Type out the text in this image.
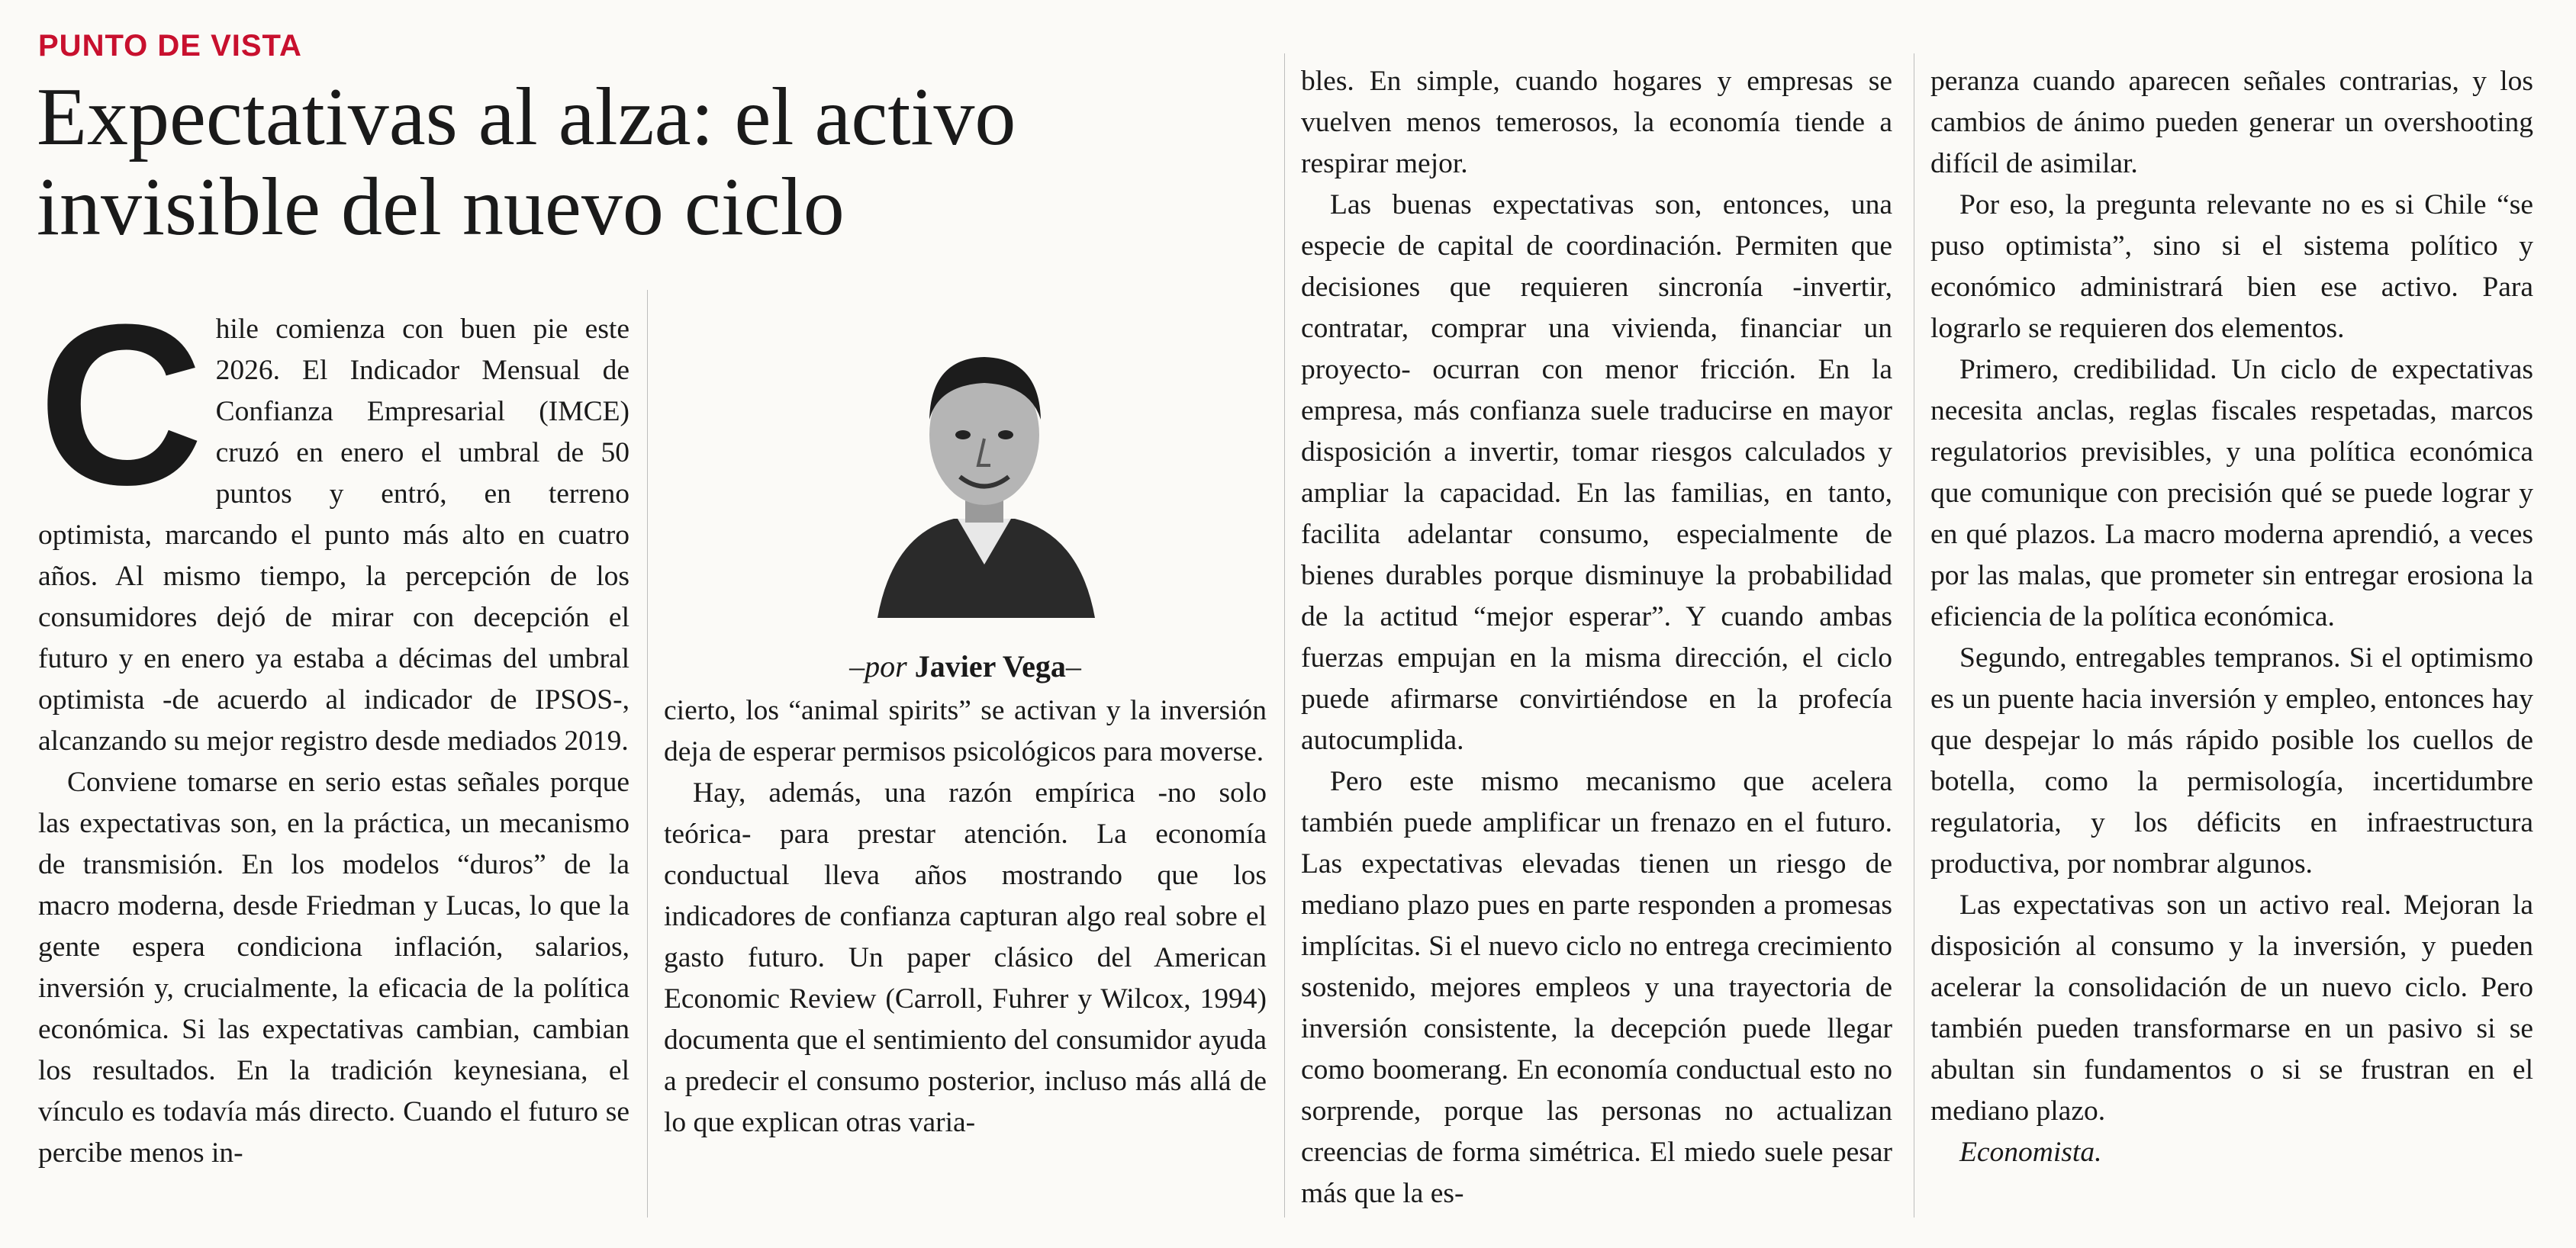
PUNTO DE VISTA
Expectativas al alza: el activo invisible del nuevo ciclo

Chile comienza con buen pie este 2026. El Indicador Mensual de Confianza Empresarial (IMCE) cruzó en enero el umbral de 50 puntos y entró, en terreno optimista, marcando el punto más alto en cuatro años. Al mismo tiempo, la percepción de los consumidores dejó de mirar con decepción el futuro y en enero ya estaba a décimas del umbral optimista -de acuerdo al indicador de IPSOS-, alcanzando su mejor registro desde mediados 2019.

Conviene tomarse en serio estas señales porque las expectativas son, en la práctica, un mecanismo de transmisión. En los modelos “duros” de la macro moderna, desde Friedman y Lucas, lo que la gente espera condiciona inflación, salarios, inversión y, crucialmente, la eficacia de la política económica. Si las expectativas cambian, cambian los resultados. En la tradición keynesiana, el vínculo es todavía más directo. Cuando el futuro se percibe menos in-

–por Javier Vega–

cierto, los “animal spirits” se activan y la inversión deja de esperar permisos psicológicos para moverse.

Hay, además, una razón empírica -no solo teórica- para prestar atención. La economía conductual lleva años mostrando que los indicadores de confianza capturan algo real sobre el gasto futuro. Un paper clásico del American Economic Review (Carroll, Fuhrer y Wilcox, 1994) documenta que el sentimiento del consumidor ayuda a predecir el consumo posterior, incluso más allá de lo que explican otras varia-

bles. En simple, cuando hogares y empresas se vuelven menos temerosos, la economía tiende a respirar mejor.

Las buenas expectativas son, entonces, una especie de capital de coordinación. Permiten que decisiones que requieren sincronía -invertir, contratar, comprar una vivienda, financiar un proyecto- ocurran con menor fricción. En la empresa, más confianza suele traducirse en mayor disposición a invertir, tomar riesgos calculados y ampliar la capacidad. En las familias, en tanto, facilita adelantar consumo, especialmente de bienes durables porque disminuye la probabilidad de la actitud “mejor esperar”. Y cuando ambas fuerzas empujan en la misma dirección, el ciclo puede afirmarse convirtiéndose en la profecía autocumplida.

Pero este mismo mecanismo que acelera también puede amplificar un frenazo en el futuro. Las expectativas elevadas tienen un riesgo de mediano plazo pues en parte responden a promesas implícitas. Si el nuevo ciclo no entrega crecimiento sostenido, mejores empleos y una trayectoria de inversión consistente, la decepción puede llegar como boomerang. En economía conductual esto no sorprende, porque las personas no actualizan creencias de forma simétrica. El miedo suele pesar más que la es-

peranza cuando aparecen señales contrarias, y los cambios de ánimo pueden generar un overshooting difícil de asimilar.

Por eso, la pregunta relevante no es si Chile “se puso optimista”, sino si el sistema político y económico administrará bien ese activo. Para lograrlo se requieren dos elementos.

Primero, credibilidad. Un ciclo de expectativas necesita anclas, reglas fiscales respetadas, marcos regulatorios previsibles, y una política económica que comunique con precisión qué se puede lograr y en qué plazos. La macro moderna aprendió, a veces por las malas, que prometer sin entregar erosiona la eficiencia de la política económica.

Segundo, entregables tempranos. Si el optimismo es un puente hacia inversión y empleo, entonces hay que despejar lo más rápido posible los cuellos de botella, como la permisología, incertidumbre regulatoria, y los déficits en infraestructura productiva, por nombrar algunos.

Las expectativas son un activo real. Mejoran la disposición al consumo y la inversión, y pueden acelerar la consolidación de un nuevo ciclo. Pero también pueden transformarse en un pasivo si se abultan sin fundamentos o si se frustran en el mediano plazo.

Economista.
